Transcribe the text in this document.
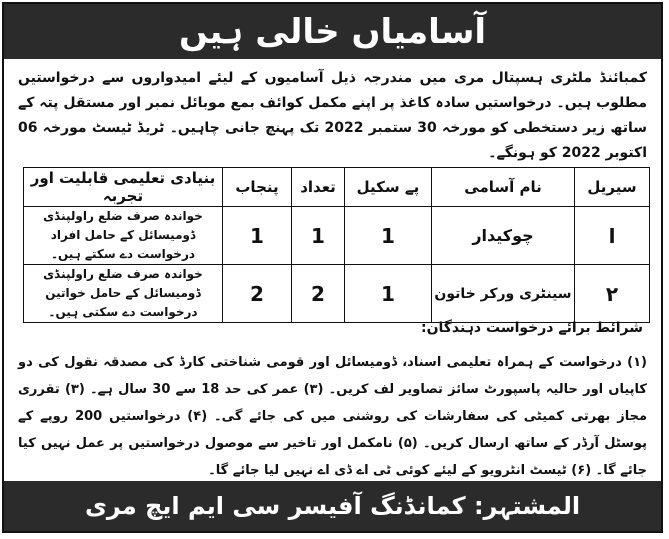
آسامیاں خالی ہیں
کمبائنڈ ملٹری ہسپتال مری میں مندرجہ ذیل آسامیوں کے لیئے امیدواروں سے درخواستیں مطلوب ہیں۔ درخواستیں سادہ کاغذ پر اپنے مکمل کوائف بمع موبائل نمبر اور مستقل پتہ کے ساتھ زیر دستخطی کو مورخہ 30 ستمبر 2022 تک پہنچ جانی چاہیں۔ ٹریڈ ٹیسٹ مورخہ 06 اکتوبر 2022 کو ہونگے۔
سیریل	نام آسامی	پے سکیل	تعداد	پنجاب	بنیادی تعلیمی قابلیت اور تجربہ
ا	چوکیدار	1	1	1	خواندہ صرف ضلع راولپنڈی ڈومیسائل کے حامل افراد درخواست دے سکتے ہیں۔
۲	سینٹری ورکر خاتون	1	2	2	خواندہ صرف ضلع راولپنڈی ڈومیسائل کے حامل خواتین درخواست دے سکتی ہیں۔
شرائط برائے درخواست دہندگان:
(۱) درخواست کے ہمراہ تعلیمی اسناد، ڈومیسائل اور قومی شناختی کارڈ کی مصدقہ نقول کی دو کاپیاں اور حالیہ پاسپورٹ سائز تصاویر لف کریں۔ (۳) عمر کی حد 18 سے 30 سال ہے۔ (۳) تقرری مجاز بھرتی کمیٹی کی سفارشات کی روشنی میں کی جائے گی۔ (۴) درخواستیں 200 روپے کے پوسٹل آرڈر کے ساتھ ارسال کریں۔ (۵) نامکمل اور تاخیر سے موصول درخواستیں پر عمل نہیں کیا جائے گا۔ (۶) ٹیسٹ انٹرویو کے لیئے کوئی ٹی اے ڈی اے نہیں لیا جائے گا۔
المشتہر: کمانڈنگ آفیسر سی ایم ایچ مری
